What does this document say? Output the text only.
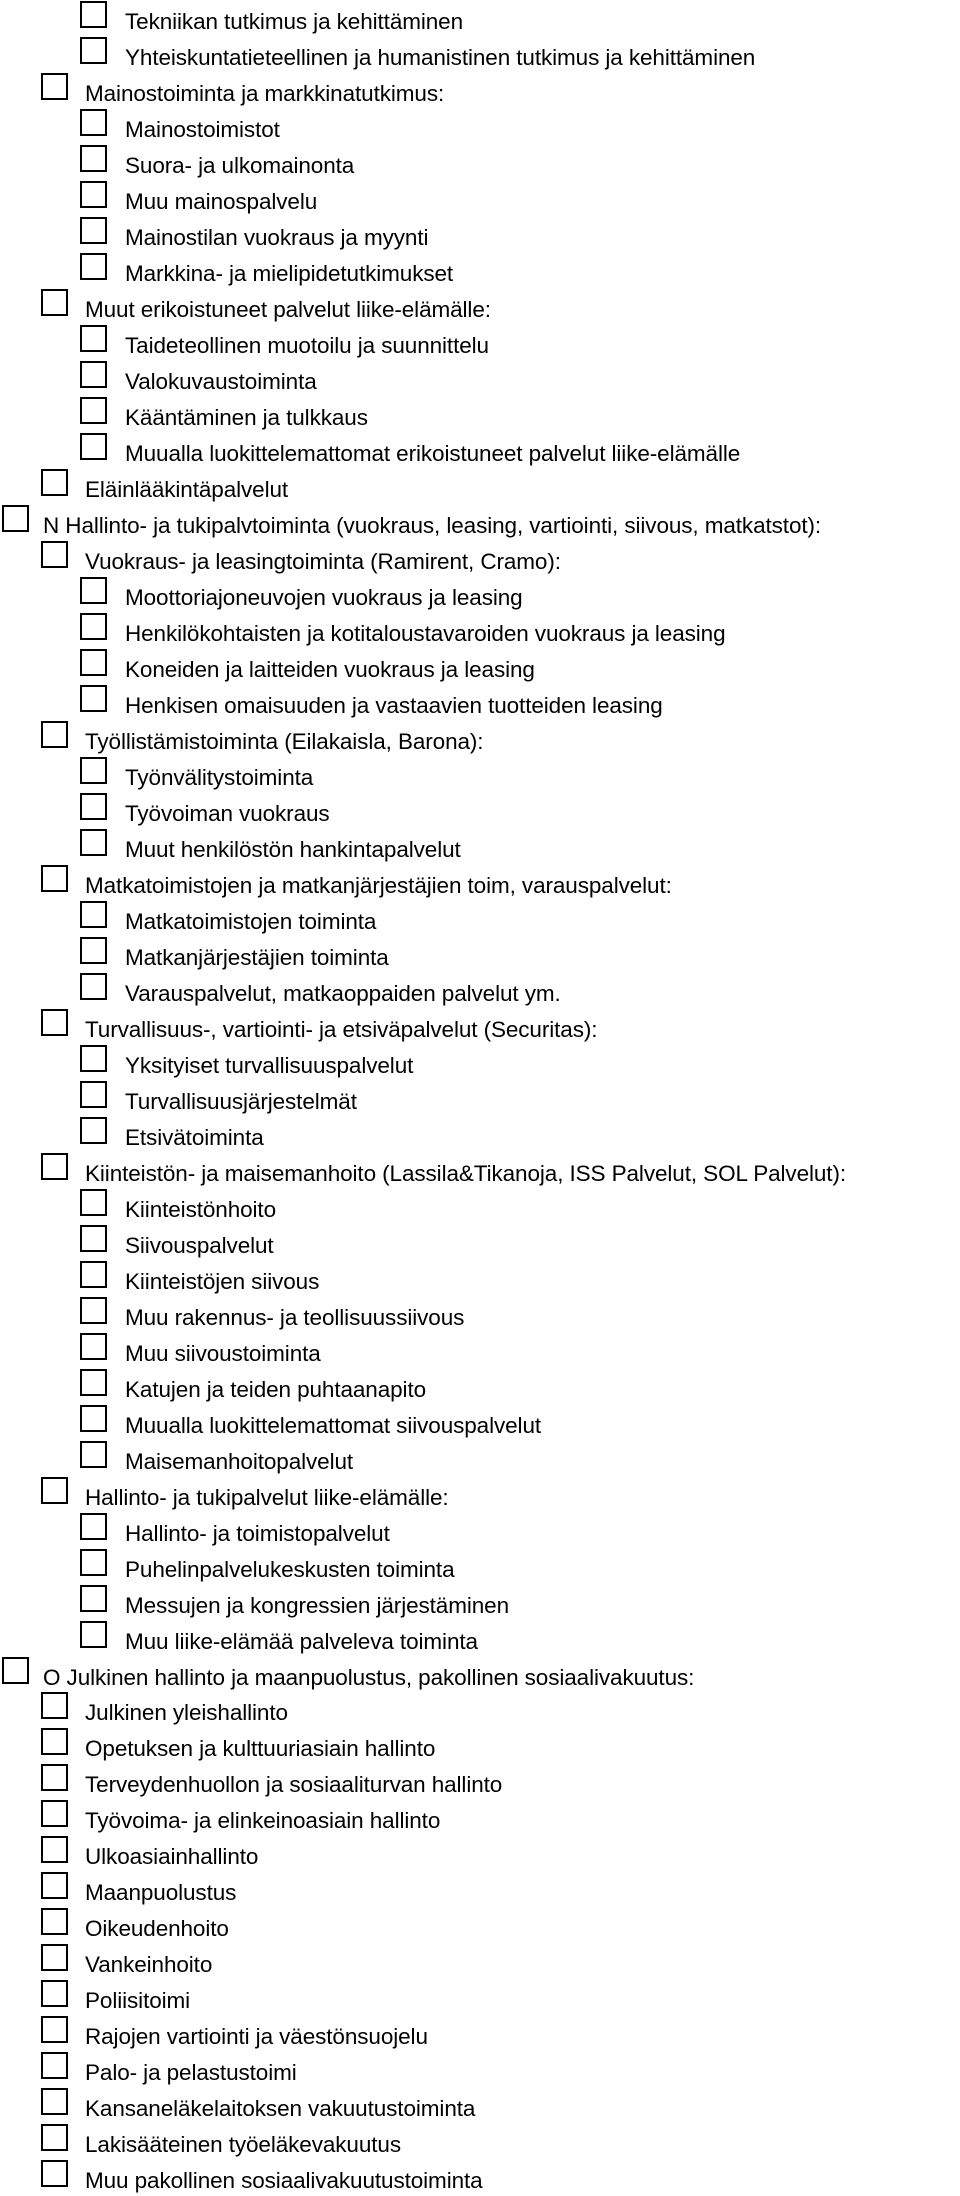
Tekniikan tutkimus ja kehittäminen
Yhteiskuntatieteellinen ja humanistinen tutkimus ja kehittäminen
Mainostoiminta ja markkinatutkimus:
Mainostoimistot
Suora- ja ulkomainonta
Muu mainospalvelu
Mainostilan vuokraus ja myynti
Markkina- ja mielipidetutkimukset
Muut erikoistuneet palvelut liike-elämälle:
Taideteollinen muotoilu ja suunnittelu
Valokuvaustoiminta
Kääntäminen ja tulkkaus
Muualla luokittelemattomat erikoistuneet palvelut liike-elämälle
Eläinlääkintäpalvelut
N Hallinto- ja tukipalvtoiminta (vuokraus, leasing, vartiointi, siivous, matkatstot):
Vuokraus- ja leasingtoiminta (Ramirent, Cramo):
Moottoriajoneuvojen vuokraus ja leasing
Henkilökohtaisten ja kotitaloustavaroiden vuokraus ja leasing
Koneiden ja laitteiden vuokraus ja leasing
Henkisen omaisuuden ja vastaavien tuotteiden leasing
Työllistämistoiminta (Eilakaisla, Barona):
Työnvälitystoiminta
Työvoiman vuokraus
Muut henkilöstön hankintapalvelut
Matkatoimistojen ja matkanjärjestäjien toim, varauspalvelut:
Matkatoimistojen toiminta
Matkanjärjestäjien toiminta
Varauspalvelut, matkaoppaiden palvelut ym.
Turvallisuus-, vartiointi- ja etsiväpalvelut (Securitas):
Yksityiset turvallisuuspalvelut
Turvallisuusjärjestelmät
Etsivätoiminta
Kiinteistön- ja maisemanhoito (Lassila&Tikanoja, ISS Palvelut, SOL Palvelut):
Kiinteistönhoito
Siivouspalvelut
Kiinteistöjen siivous
Muu rakennus- ja teollisuussiivous
Muu siivoustoiminta
Katujen ja teiden puhtaanapito
Muualla luokittelemattomat siivouspalvelut
Maisemanhoitopalvelut
Hallinto- ja tukipalvelut liike-elämälle:
Hallinto- ja toimistopalvelut
Puhelinpalvelukeskusten toiminta
Messujen ja kongressien järjestäminen
Muu liike-elämää palveleva toiminta
O Julkinen hallinto ja maanpuolustus, pakollinen sosiaalivakuutus:
Julkinen yleishallinto
Opetuksen ja kulttuuriasiain hallinto
Terveydenhuollon ja sosiaaliturvan hallinto
Työvoima- ja elinkeinoasiain hallinto
Ulkoasiainhallinto
Maanpuolustus
Oikeudenhoito
Vankeinhoito
Poliisitoimi
Rajojen vartiointi ja väestönsuojelu
Palo- ja pelastustoimi
Kansaneläkelaitoksen vakuutustoiminta
Lakisääteinen työeläkevakuutus
Muu pakollinen sosiaalivakuutustoiminta
